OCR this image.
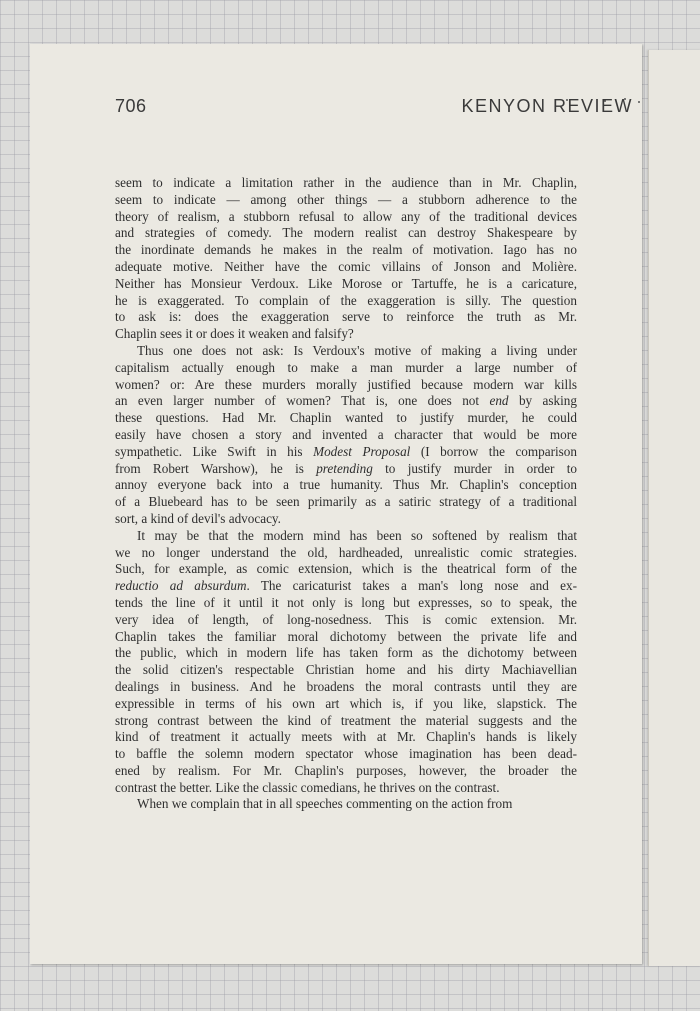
706	KENYON REVIEW
seem to indicate a limitation rather in the audience than in Mr. Chaplin,
seem to indicate — among other things — a stubborn adherence to the
theory of realism, a stubborn refusal to allow any of the traditional devices
and strategies of comedy. The modern realist can destroy Shakespeare by
the inordinate demands he makes in the realm of motivation. Iago has no
adequate motive. Neither have the comic villains of Jonson and Molière.
Neither has Monsieur Verdoux. Like Morose or Tartuffe, he is a caricature,
he is exaggerated. To complain of the exaggeration is silly. The question
to ask is: does the exaggeration serve to reinforce the truth as Mr.
Chaplin sees it or does it weaken and falsify?
Thus one does not ask: Is Verdoux's motive of making a living under
capitalism actually enough to make a man murder a large number of
women? or: Are these murders morally justified because modern war kills
an even larger number of women? That is, one does not end by asking
these questions. Had Mr. Chaplin wanted to justify murder, he could
easily have chosen a story and invented a character that would be more
sympathetic. Like Swift in his Modest Proposal (I borrow the comparison
from Robert Warshow), he is pretending to justify murder in order to
annoy everyone back into a true humanity. Thus Mr. Chaplin's conception
of a Bluebeard has to be seen primarily as a satiric strategy of a traditional
sort, a kind of devil's advocacy.
It may be that the modern mind has been so softened by realism that
we no longer understand the old, hardheaded, unrealistic comic strategies.
Such, for example, as comic extension, which is the theatrical form of the
reductio ad absurdum. The caricaturist takes a man's long nose and ex-
tends the line of it until it not only is long but expresses, so to speak, the
very idea of length, of long-nosedness. This is comic extension. Mr.
Chaplin takes the familiar moral dichotomy between the private life and
the public, which in modern life has taken form as the dichotomy between
the solid citizen's respectable Christian home and his dirty Machiavellian
dealings in business. And he broadens the moral contrasts until they are
expressible in terms of his own art which is, if you like, slapstick. The
strong contrast between the kind of treatment the material suggests and the
kind of treatment it actually meets with at Mr. Chaplin's hands is likely
to baffle the solemn modern spectator whose imagination has been dead-
ened by realism. For Mr. Chaplin's purposes, however, the broader the
contrast the better. Like the classic comedians, he thrives on the contrast.
When we complain that in all speeches commenting on the action from
